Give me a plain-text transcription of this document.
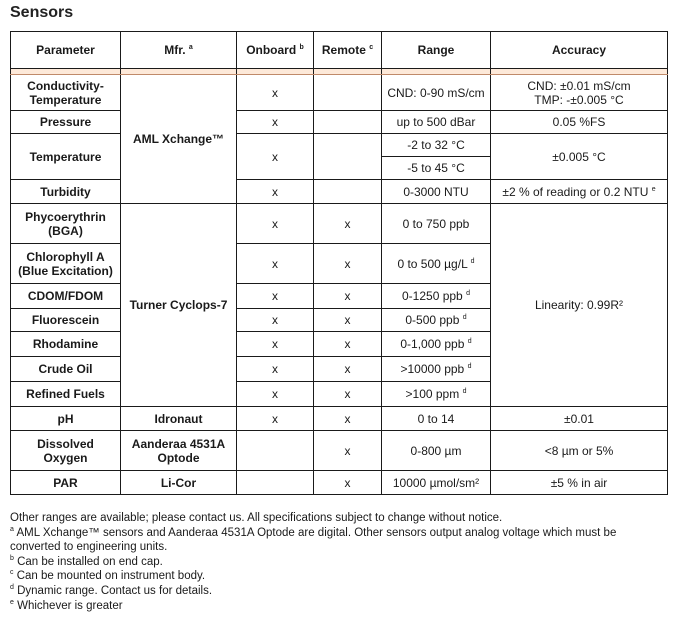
Sensors
Parameter	Mfr. $^a$	Onboard $^b$	Remote $^c$	Range	Accuracy

Conductivity-Temperature	AML Xchange™	x		CND: 0-90 mS/cm	CND: ±0.01 mS/cm
TMP: -±0.005 °C

Pressure		x		up to 500 dBar	0.05 %FS
Temperature		x		-2 to 32 °C	±0.005 °C
				-5 to 45 °C	
Turbidity		x		0-3000 NTU	±2 % of reading or 0.2 NTU $^e$
Phycoerythrin (BGA)	Turner Cyclops-7	x	x	0 to 750 ppb	Linearity: 0.99R²
Chlorophyll A (Blue Excitation)		x	x	0 to 500 µg/L $^d$
CDOM/FDOM		x	x	0-1250 ppb $^d$
Fluorescein		x	x	0-500 ppb $^d$
Rhodamine		x	x	0-1,000 ppb $^d$
Crude Oil		x	x	>10000 ppb $^d$
Refined Fuels		x	x	>100 ppm $^d$
pH	Idronaut	x	x	0 to 14	±0.01
Dissolved Oxygen	Aanderaa 4531A Optode		x	0-800 µm	<8 µm or 5%
PAR	Li-Cor		x	10000 µmol/sm²	±5 % in air
Other ranges are available; please contact us. All specifications subject to change without notice.
$^a$ AML Xchange™ sensors and Aanderaa 4531A Optode are digital. Other sensors output analog voltage which must be
converted to engineering units.
$^b$ Can be installed on end cap.
$^c$ Can be mounted on instrument body.
$^d$ Dynamic range. Contact us for details.
$^e$ Whichever is greater
